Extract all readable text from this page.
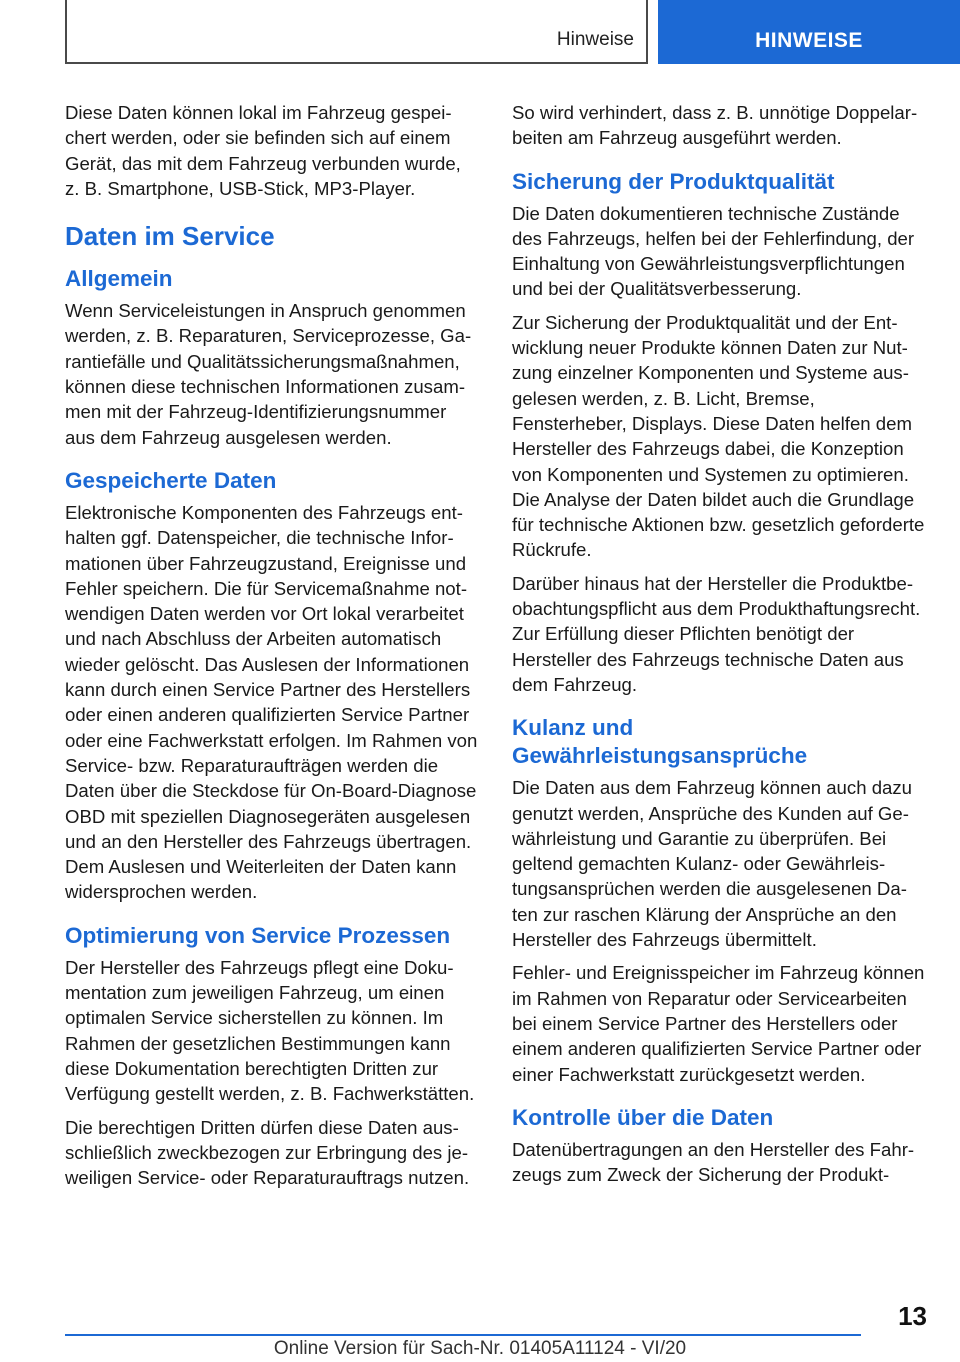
Hinweise	HINWEISE

Diese Daten können lokal im Fahrzeug gespeichert werden, oder sie befinden sich auf einem Gerät, das mit dem Fahrzeug verbunden wurde, z. B. Smartphone, USB-Stick, MP3-Player.

Daten im Service
Allgemein

Wenn Serviceleistungen in Anspruch genommen werden, z. B. Reparaturen, Serviceprozesse, Garantiefälle und Qualitätssicherungsmaßnahmen, können diese technischen Informationen zusammen mit der Fahrzeug-Identifizierungsnummer aus dem Fahrzeug ausgelesen werden.

Gespeicherte Daten

Elektronische Komponenten des Fahrzeugs enthalten ggf. Datenspeicher, die technische Informationen über Fahrzeugzustand, Ereignisse und Fehler speichern. Die für Servicemaßnahme notwendigen Daten werden vor Ort lokal verarbeitet und nach Abschluss der Arbeiten automatisch wieder gelöscht. Das Auslesen der Informationen kann durch einen Service Partner des Herstellers oder einen anderen qualifizierten Service Partner oder eine Fachwerkstatt erfolgen. Im Rahmen von Service- bzw. Reparaturaufträgen werden die Daten über die Steckdose für On-Board-Diagnose OBD mit speziellen Diagnosegeräten ausgelesen und an den Hersteller des Fahrzeugs übertragen. Dem Auslesen und Weiterleiten der Daten kann widersprochen werden.

Optimierung von Service Prozessen

Der Hersteller des Fahrzeugs pflegt eine Dokumentation zum jeweiligen Fahrzeug, um einen optimalen Service sicherstellen zu können. Im Rahmen der gesetzlichen Bestimmungen kann diese Dokumentation berechtigten Dritten zur Verfügung gestellt werden, z. B. Fachwerkstätten.

Die berechtigen Dritten dürfen diese Daten ausschließlich zweckbezogen zur Erbringung des jeweiligen Service- oder Reparaturauftrags nutzen.

So wird verhindert, dass z. B. unnötige Doppelarbeiten am Fahrzeug ausgeführt werden.

Sicherung der Produktqualität

Die Daten dokumentieren technische Zustände des Fahrzeugs, helfen bei der Fehlerfindung, der Einhaltung von Gewährleistungsverpflichtungen und bei der Qualitätsverbesserung.

Zur Sicherung der Produktqualität und der Entwicklung neuer Produkte können Daten zur Nutzung einzelner Komponenten und Systeme ausgelesen werden, z. B. Licht, Bremse, Fensterheber, Displays. Diese Daten helfen dem Hersteller des Fahrzeugs dabei, die Konzeption von Komponenten und Systemen zu optimieren. Die Analyse der Daten bildet auch die Grundlage für technische Aktionen bzw. gesetzlich geforderte Rückrufe.

Darüber hinaus hat der Hersteller die Produktbeobachtungspflicht aus dem Produkthaftungsrecht. Zur Erfüllung dieser Pflichten benötigt der Hersteller des Fahrzeugs technische Daten aus dem Fahrzeug.

Kulanz und Gewährleistungsansprüche

Die Daten aus dem Fahrzeug können auch dazu genutzt werden, Ansprüche des Kunden auf Gewährleistung und Garantie zu überprüfen. Bei geltend gemachten Kulanz- oder Gewährleistungsansprüchen werden die ausgelesenen Daten zur raschen Klärung der Ansprüche an den Hersteller des Fahrzeugs übermittelt.

Fehler- und Ereignisspeicher im Fahrzeug können im Rahmen von Reparatur oder Servicearbeiten bei einem Service Partner des Herstellers oder einem anderen qualifizierten Service Partner oder einer Fachwerkstatt zurückgesetzt werden.

Kontrolle über die Daten

Datenübertragungen an den Hersteller des Fahrzeugs zum Zweck der Sicherung der Produkt-

13
Online Version für Sach-Nr. 01405A11124 - VI/20
